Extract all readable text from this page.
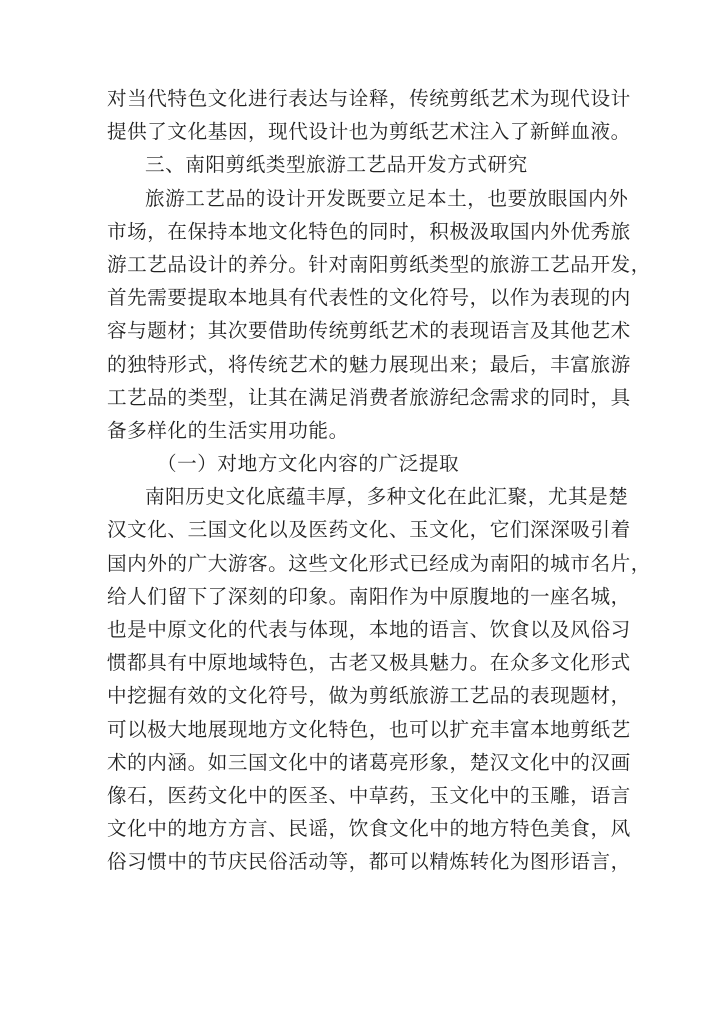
对当代特色文化进行表达与诠释，传统剪纸艺术为现代设计
提供了文化基因，现代设计也为剪纸艺术注入了新鲜血液。
三、南阳剪纸类型旅游工艺品开发方式研究
旅游工艺品的设计开发既要立足本土，也要放眼国内外
市场，在保持本地文化特色的同时，积极汲取国内外优秀旅
游工艺品设计的养分。针对南阳剪纸类型的旅游工艺品开发，
首先需要提取本地具有代表性的文化符号，以作为表现的内
容与题材；其次要借助传统剪纸艺术的表现语言及其他艺术
的独特形式，将传统艺术的魅力展现出来；最后，丰富旅游
工艺品的类型，让其在满足消费者旅游纪念需求的同时，具
备多样化的生活实用功能。
（一）对地方文化内容的广泛提取
南阳历史文化底蕴丰厚，多种文化在此汇聚，尤其是楚
汉文化、三国文化以及医药文化、玉文化，它们深深吸引着
国内外的广大游客。这些文化形式已经成为南阳的城市名片，
给人们留下了深刻的印象。南阳作为中原腹地的一座名城，
也是中原文化的代表与体现，本地的语言、饮食以及风俗习
惯都具有中原地域特色，古老又极具魅力。在众多文化形式
中挖掘有效的文化符号，做为剪纸旅游工艺品的表现题材，
可以极大地展现地方文化特色，也可以扩充丰富本地剪纸艺
术的内涵。如三国文化中的诸葛亮形象，楚汉文化中的汉画
像石，医药文化中的医圣、中草药，玉文化中的玉雕，语言
文化中的地方方言、民谣，饮食文化中的地方特色美食，风
俗习惯中的节庆民俗活动等，都可以精炼转化为图形语言，
